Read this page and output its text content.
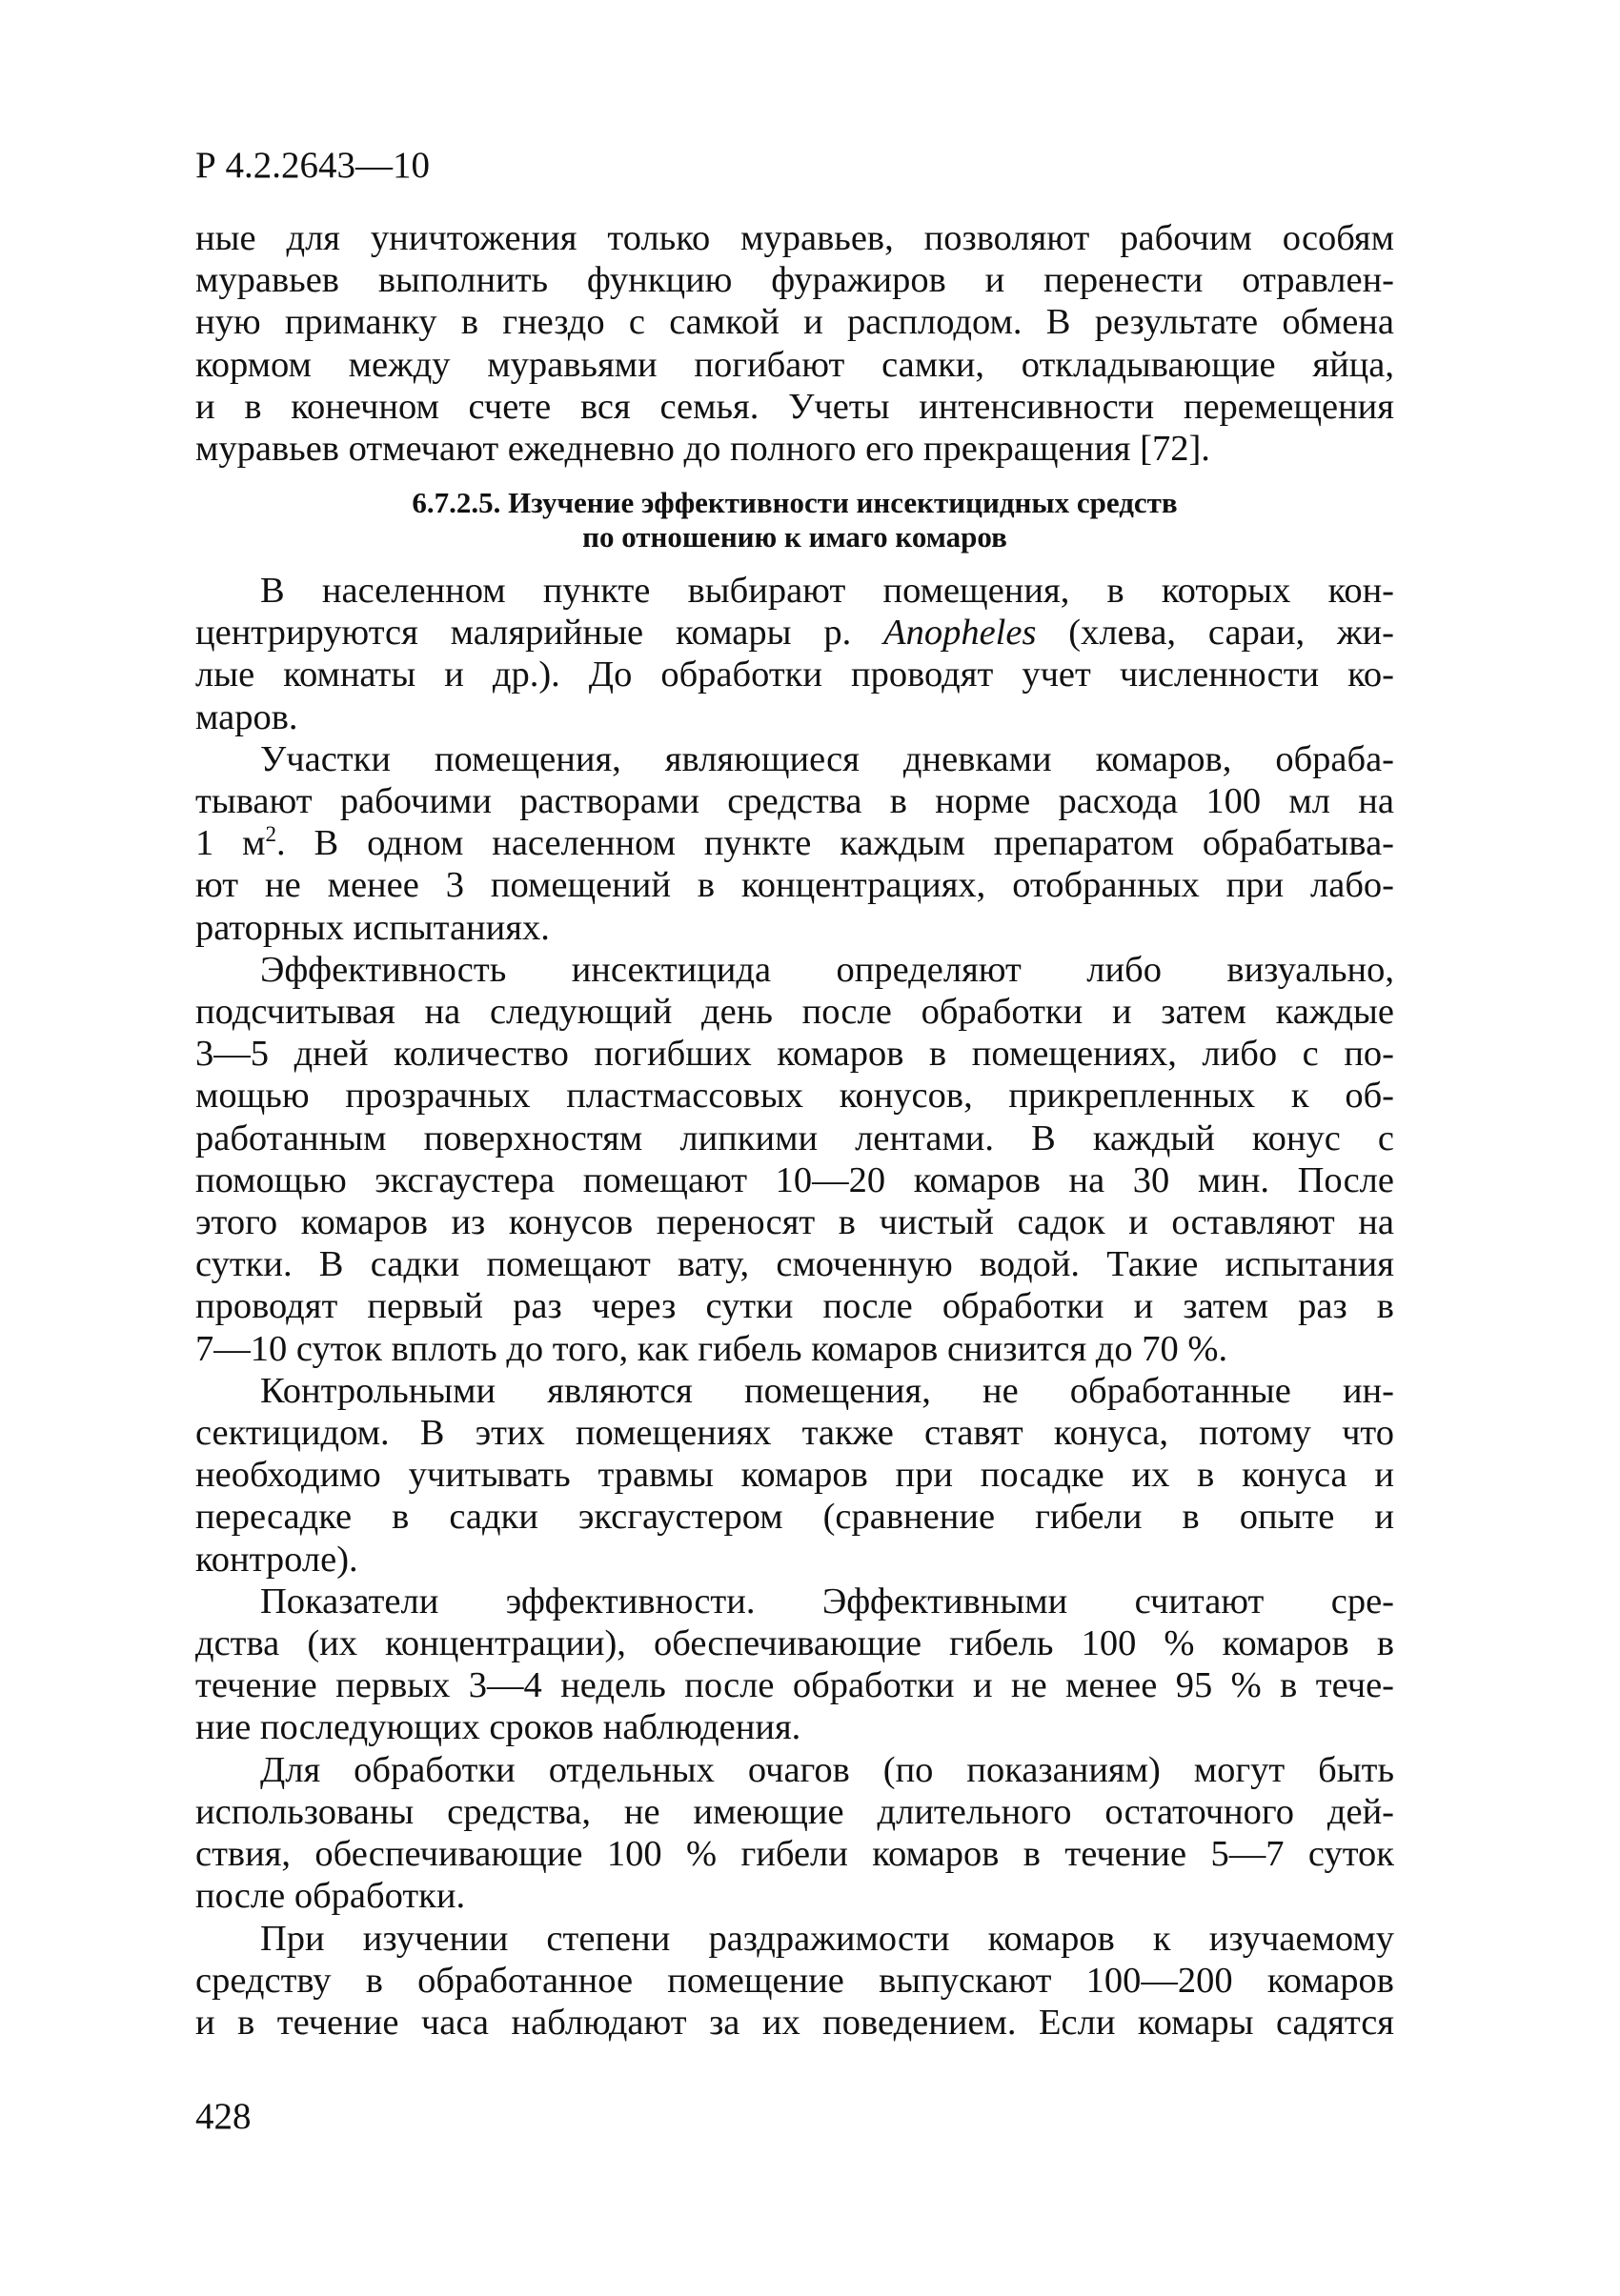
Р 4.2.2643—10
ные для уничтожения только муравьев, позволяют рабочим особям
муравьев выполнить функцию фуражиров и перенести отравлен-
ную приманку в гнездо с самкой и расплодом. В результате обмена
кормом между муравьями погибают самки, откладывающие яйца,
и в конечном счете вся семья. Учеты интенсивности перемещения
муравьев отмечают ежедневно до полного его прекращения [72].
6.7.2.5. Изучение эффективности инсектицидных средств
по отношению к имаго комаров
В населенном пункте выбирают помещения, в которых кон-
центрируются малярийные комары р. Anopheles (хлева, сараи, жи-
лые комнаты и др.). До обработки проводят учет численности ко-
маров.
Участки помещения, являющиеся дневками комаров, обраба-
тывают рабочими растворами средства в норме расхода 100 мл на
1 $м^2$. В одном населенном пункте каждым препаратом обрабатыва-
ют не менее 3 помещений в концентрациях, отобранных при лабо-
раторных испытаниях.
Эффективность инсектицида определяют либо визуально,
подсчитывая на следующий день после обработки и затем каждые
3—5 дней количество погибших комаров в помещениях, либо с по-
мощью прозрачных пластмассовых конусов, прикрепленных к об-
работанным поверхностям липкими лентами. В каждый конус с
помощью эксгаустера помещают 10—20 комаров на 30 мин. После
этого комаров из конусов переносят в чистый садок и оставляют на
сутки. В садки помещают вату, смоченную водой. Такие испытания
проводят первый раз через сутки после обработки и затем раз в
7—10 суток вплоть до того, как гибель комаров снизится до 70 %.
Контрольными являются помещения, не обработанные ин-
сектицидом. В этих помещениях также ставят конуса, потому что
необходимо учитывать травмы комаров при посадке их в конуса и
пересадке в садки эксгаустером (сравнение гибели в опыте и
контроле).
Показатели эффективности. Эффективными считают сре-
дства (их концентрации), обеспечивающие гибель 100 % комаров в
течение первых 3—4 недель после обработки и не менее 95 % в тече-
ние последующих сроков наблюдения.
Для обработки отдельных очагов (по показаниям) могут быть
использованы средства, не имеющие длительного остаточного дей-
ствия, обеспечивающие 100 % гибели комаров в течение 5—7 суток
после обработки.
При изучении степени раздражимости комаров к изучаемому
средству в обработанное помещение выпускают 100—200 комаров
и в течение часа наблюдают за их поведением. Если комары садятся
428
